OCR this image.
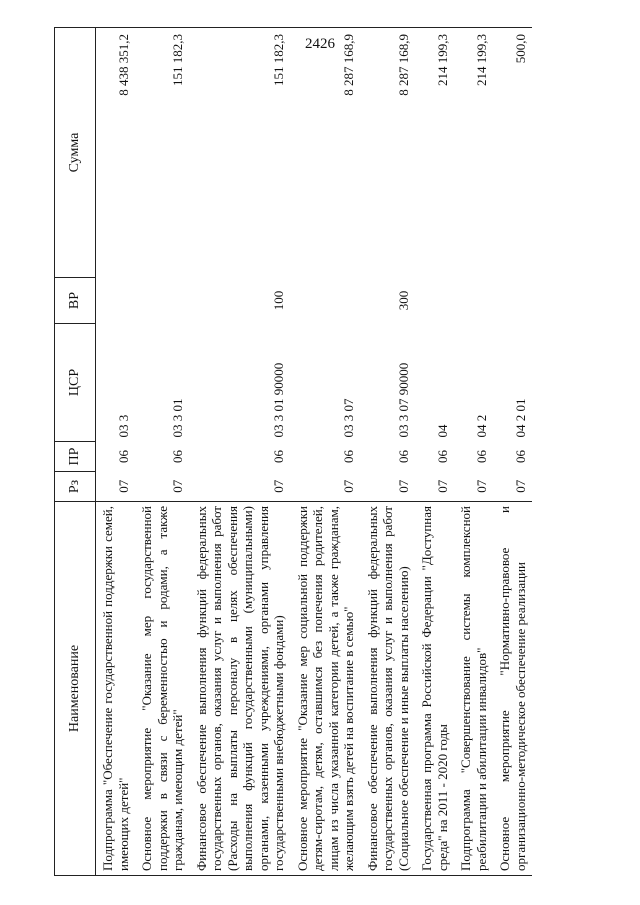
2426
Наименование	Рз	ПР	ЦСР	ВР	Сумма
Подпрограмма "Обеспечение государственной поддержки семей, имеющих детей"	07	06	03 3		8 438 351,2
Основное мероприятие "Оказание мер государственной поддержки в связи с беременностью и родами, а также гражданам, имеющим детей"	07	06	03 3 01		151 182,3
Финансовое обеспечение выполнения функций федеральных государственных органов, оказания услуг и выполнения работ (Расходы на выплаты персоналу в целях обеспечения выполнения функций государственными (муниципальными) органами, казенными учреждениями, органами управления государственными внебюджетными фондами)	07	06	03 3 01 90000	100	151 182,3
Основное мероприятие "Оказание мер социальной поддержки детям-сиротам, детям, оставшимся без попечения родителей, лицам из числа указанной категории детей, а также гражданам, желающим взять детей на воспитание в семью"	07	06	03 3 07		8 287 168,9
Финансовое обеспечение выполнения функций федеральных государственных органов, оказания услуг и выполнения работ (Социальное обеспечение и иные выплаты населению)	07	06	03 3 07 90000	300	8 287 168,9
Государственная программа Российской Федерации "Доступная среда" на 2011 - 2020 годы	07	06	04		214 199,3
Подпрограмма "Совершенствование системы комплексной реабилитации и абилитации инвалидов"	07	06	04 2		214 199,3
Основное мероприятие "Нормативно-правовое и организационно-методическое обеспечение реализации	07	06	04 2 01		500,0
